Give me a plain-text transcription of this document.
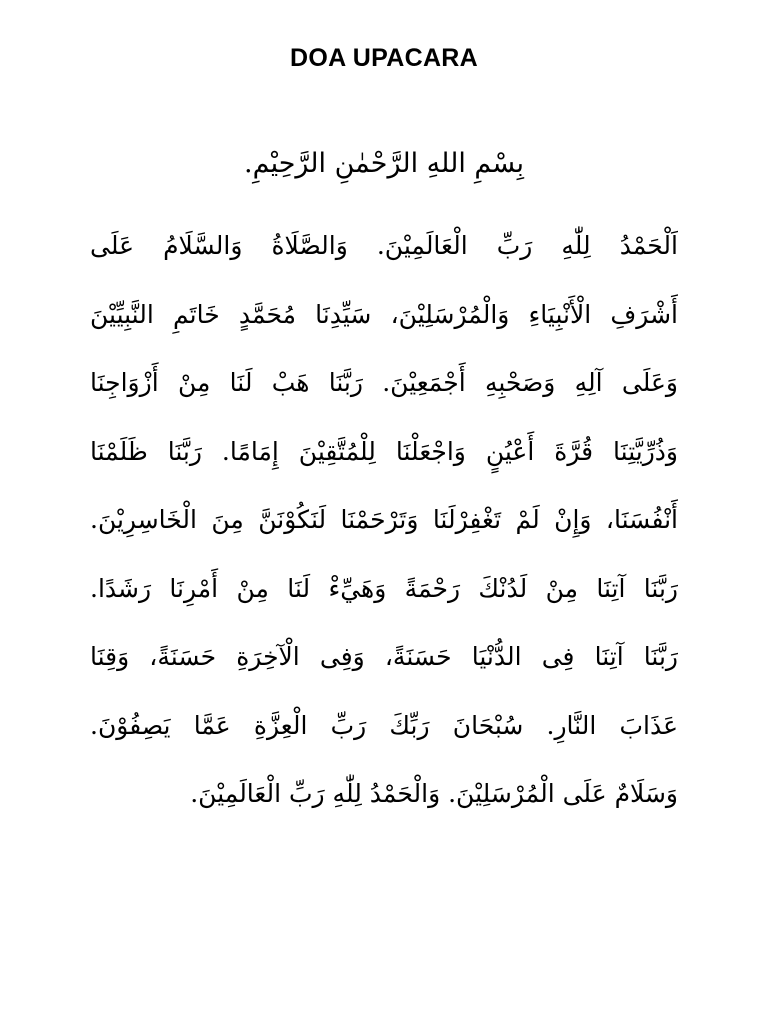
DOA UPACARA
بِسْمِ اللهِ الرَّحْمٰنِ الرَّحِيْمِ.
اَلْحَمْدُ لِلّٰهِ رَبِّ الْعَالَمِيْنَ. وَالصَّلَاةُ وَالسَّلَامُ عَلَى
أَشْرَفِ الْأَنْبِيَاءِ وَالْمُرْسَلِيْنَ، سَيِّدِنَا مُحَمَّدٍ خَاتَمِ النَّبِيِّيْنَ
وَعَلَى آلِهِ وَصَحْبِهِ أَجْمَعِيْنَ. رَبَّنَا هَبْ لَنَا مِنْ أَزْوَاجِنَا
وَذُرِّيَّتِنَا قُرَّةَ أَعْيُنٍ وَاجْعَلْنَا لِلْمُتَّقِيْنَ إِمَامًا. رَبَّنَا ظَلَمْنَا
أَنْفُسَنَا، وَإِنْ لَمْ تَغْفِرْلَنَا وَتَرْحَمْنَا لَنَكُوْنَنَّ مِنَ الْخَاسِرِيْنَ.
رَبَّنَا آتِنَا مِنْ لَدُنْكَ رَحْمَةً وَهَيِّءْ لَنَا مِنْ أَمْرِنَا رَشَدًا.
رَبَّنَا آتِنَا فِى الدُّنْيَا حَسَنَةً، وَفِى الْآخِرَةِ حَسَنَةً، وَقِنَا
عَذَابَ النَّارِ. سُبْحَانَ رَبِّكَ رَبِّ الْعِزَّةِ عَمَّا يَصِفُوْنَ.
وَسَلَامٌ عَلَى الْمُرْسَلِيْنَ. وَالْحَمْدُ لِلّٰهِ رَبِّ الْعَالَمِيْنَ.
